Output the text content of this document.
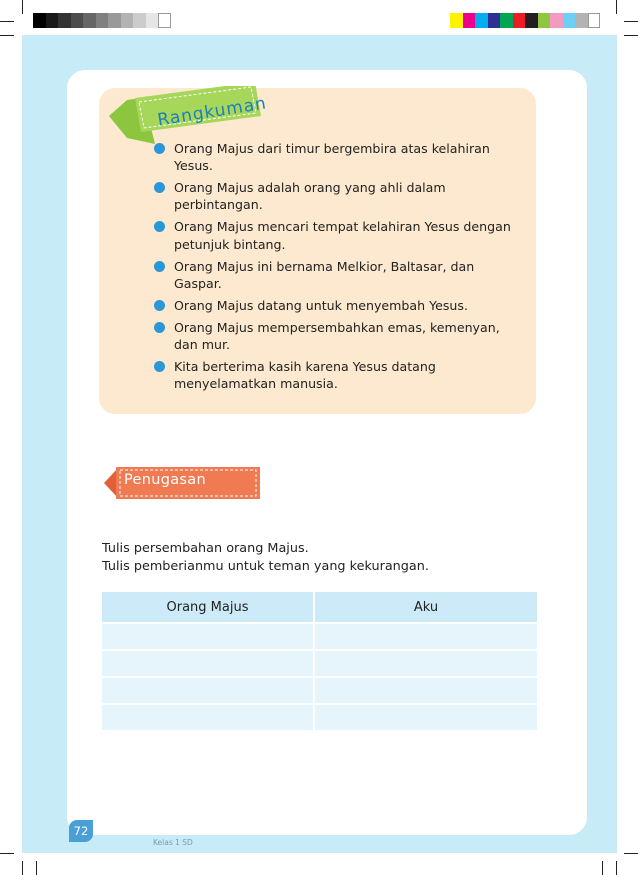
Rangkuman
Orang Majus dari timur bergembira atas kelahiran Yesus.
Orang Majus adalah orang yang ahli dalam perbintangan.
Orang Majus mencari tempat kelahiran Yesus dengan petunjuk bintang.
Orang Majus ini bernama Melkior, Baltasar, dan Gaspar.
Orang Majus datang untuk menyembah Yesus.
Orang Majus mempersembahkan emas, kemenyan, dan mur.
Kita berterima kasih karena Yesus datang menyelamatkan manusia.
Penugasan
Tulis persembahan orang Majus.
Tulis pemberianmu untuk teman yang kekurangan.
Orang Majus	Aku

72
Kelas 1 SD
